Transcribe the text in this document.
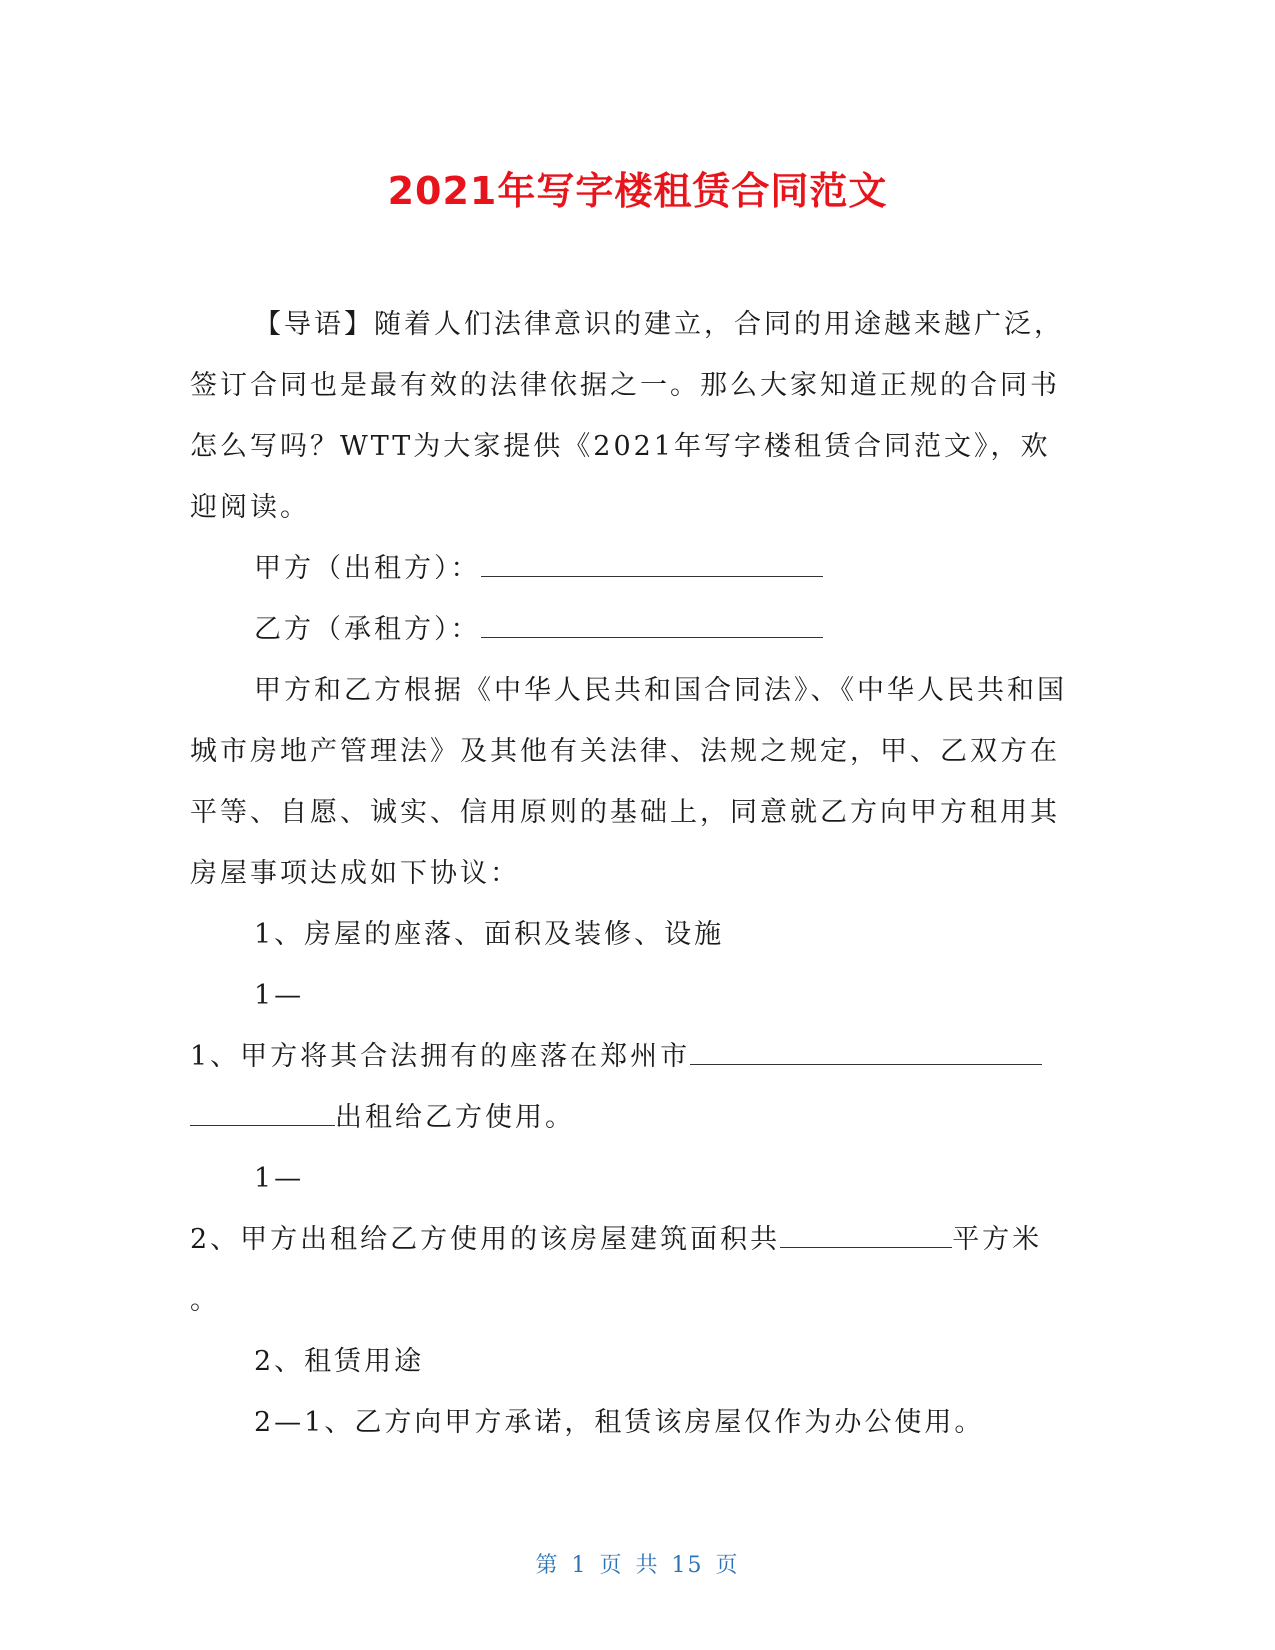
2021年写字楼租赁合同范文

【导语】随着人们法律意识的建立，合同的用途越来越广泛，签订合同也是最有效的法律依据之一。那么大家知道正规的合同书怎么写吗？WTT为大家提供《2021年写字楼租赁合同范文》，欢迎阅读。

甲方（出租方）：

乙方（承租方）：

甲方和乙方根据《中华人民共和国合同法》、《中华人民共和国城市房地产管理法》及其他有关法律、法规之规定，甲、乙双方在平等、自愿、诚实、信用原则的基础上，同意就乙方向甲方租用其房屋事项达成如下协议：

1、房屋的座落、面积及装修、设施

1—

1、甲方将其合法拥有的座落在郑州市
出租给乙方使用。

1—

2、甲方出租给乙方使用的该房屋建筑面积共	平方米
。

2、租赁用途

2—1、乙方向甲方承诺，租赁该房屋仅作为办公使用。

第 1 页 共 15 页
